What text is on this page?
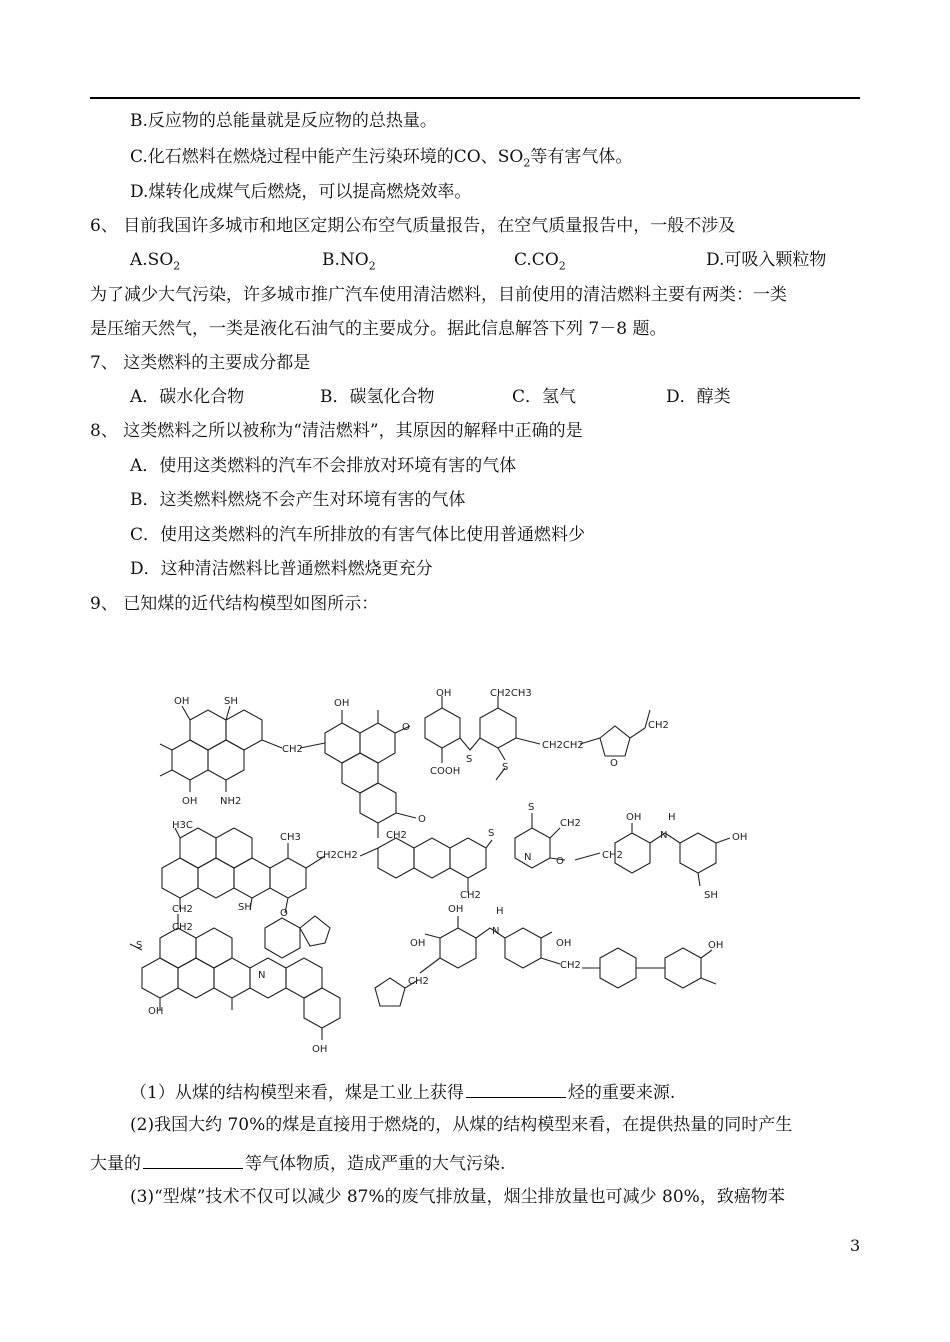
B.反应物的总能量就是反应物的总热量。
C.化石燃料在燃烧过程中能产生污染环境的CO、$SO_2$等有害气体。
D.煤转化成煤气后燃烧，可以提高燃烧效率。
6、 目前我国许多城市和地区定期公布空气质量报告，在空气质量报告中，一般不涉及
$A.SO_2$	$B.NO_2$	$C.CO_2$	D.可吸入颗粒物
为了减少大气污染，许多城市推广汽车使用清洁燃料，目前使用的清洁燃料主要有两类：一类
是压缩天然气，一类是液化石油气的主要成分。据此信息解答下列 7－8 题。
7、 这类燃料的主要成分都是
A．碳水化合物	B．碳氢化合物	C．氢气	D．醇类
8、 这类燃料之所以被称为“清洁燃料”，其原因的解释中正确的是
A．使用这类燃料的汽车不会排放对环境有害的气体
B．这类燃料燃烧不会产生对环境有害的气体
C．使用这类燃料的汽车所排放的有害气体比使用普通燃料少
D．这种清洁燃料比普通燃料燃烧更充分
9、 已知煤的近代结构模型如图所示：
OH	SH
CH2
OH
OH	CH2CH3
CH2
OH NH2
COOH
S
S
CH2CH2
O
O
O
H3C
CH3	CH2
S
CH2
OH	H
CH2CH2
S
N O
CH2
N	OH
SH
SH
O
CH2
S
CH2
OH
CH2
N
H
OH
CH2
OH
N
CH2
OH
OH
OH
（1）从煤的结构模型来看，煤是工业上获得	烃的重要来源.
(2)我国大约 70%的煤是直接用于燃烧的，从煤的结构模型来看，在提供热量的同时产生
大量的	等气体物质，造成严重的大气污染.
(3)“型煤”技术不仅可以减少 87%的废气排放量，烟尘排放量也可减少 80%，致癌物苯
3
